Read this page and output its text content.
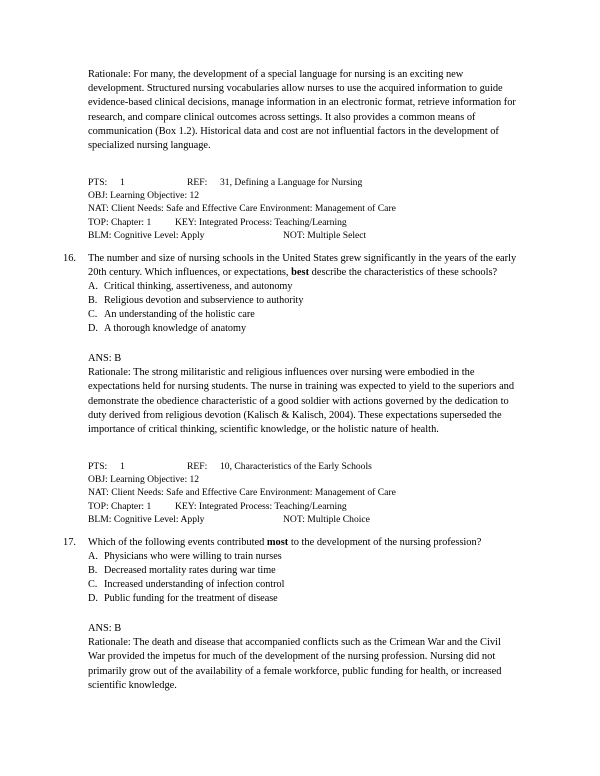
Rationale: For many, the development of a special language for nursing is an exciting new development. Structured nursing vocabularies allow nurses to use the acquired information to guide evidence-based clinical decisions, manage information in an electronic format, retrieve information for research, and compare clinical outcomes across settings. It also provides a common means of communication (Box 1.2). Historical data and cost are not influential factors in the development of specialized nursing language.

PTS: 1	REF: 31, Defining a Language for Nursing
OBJ: Learning Objective: 12
NAT: Client Needs: Safe and Effective Care Environment: Management of Care
TOP: Chapter: 1 KEY: Integrated Process: Teaching/Learning
BLM: Cognitive Level: Apply	NOT: Multiple Select
16.	The number and size of nursing schools in the United States grew significantly in the years of the early 20th century. Which influences, or expectations, best describe the characteristics of these schools?

A. Critical thinking, assertiveness, and autonomy
B. Religious devotion and subservience to authority
C. An understanding of the holistic care
D. A thorough knowledge of anatomy

ANS: B

Rationale: The strong militaristic and religious influences over nursing were embodied in the expectations held for nursing students. The nurse in training was expected to yield to the superiors and demonstrate the obedience characteristic of a good soldier with actions governed by the dedication to duty derived from religious devotion (Kalisch & Kalisch, 2004). These expectations superseded the importance of critical thinking, scientific knowledge, or the holistic nature of health.

PTS: 1	REF: 10, Characteristics of the Early Schools
OBJ: Learning Objective: 12
NAT: Client Needs: Safe and Effective Care Environment: Management of Care
TOP: Chapter: 1 KEY: Integrated Process: Teaching/Learning
BLM: Cognitive Level: Apply	NOT: Multiple Choice
17.	Which of the following events contributed most to the development of the nursing profession?

A. Physicians who were willing to train nurses
B. Decreased mortality rates during war time
C. Increased understanding of infection control
D. Public funding for the treatment of disease

ANS: B

Rationale: The death and disease that accompanied conflicts such as the Crimean War and the Civil War provided the impetus for much of the development of the nursing profession. Nursing did not primarily grow out of the availability of a female workforce, public funding for health, or increased scientific knowledge.
